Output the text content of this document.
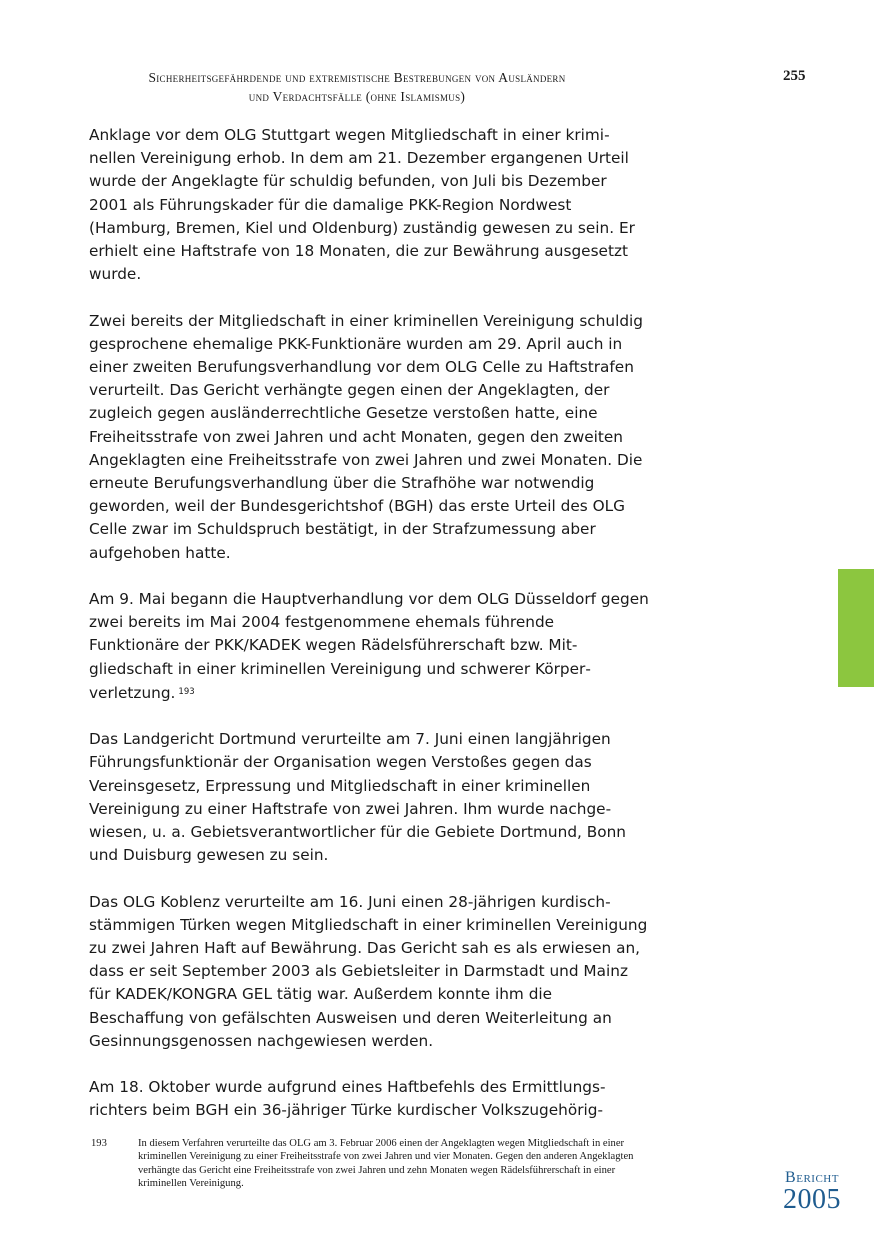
Sicherheitsgefährdende und extremistische Bestrebungen von Ausländern
und Verdachtsfälle (ohne Islamismus)
255

Anklage vor dem OLG Stuttgart wegen Mitgliedschaft in einer kriminellen Vereinigung erhob. In dem am 21. Dezember ergangenen Urteil wurde der Angeklagte für schuldig befunden, von Juli bis Dezember 2001 als Führungskader für die damalige PKK-Region Nordwest (Hamburg, Bremen, Kiel und Oldenburg) zuständig gewesen zu sein. Er erhielt eine Haftstrafe von 18 Monaten, die zur Bewährung ausgesetzt wurde.

Zwei bereits der Mitgliedschaft in einer kriminellen Vereinigung schuldig gesprochene ehemalige PKK-Funktionäre wurden am 29. April auch in einer zweiten Berufungsverhandlung vor dem OLG Celle zu Haftstrafen verurteilt. Das Gericht verhängte gegen einen der Angeklagten, der zugleich gegen ausländerrechtliche Gesetze verstoßen hatte, eine Freiheitsstrafe von zwei Jahren und acht Monaten, gegen den zweiten Angeklagten eine Freiheitsstrafe von zwei Jahren und zwei Monaten. Die erneute Berufungsverhandlung über die Strafhöhe war notwendig geworden, weil der Bundesgerichtshof (BGH) das erste Urteil des OLG Celle zwar im Schuldspruch bestätigt, in der Strafzumessung aber aufgehoben hatte.

Am 9. Mai begann die Hauptverhandlung vor dem OLG Düsseldorf gegen zwei bereits im Mai 2004 festgenommene ehemals führende Funktionäre der PKK/KADEK wegen Rädelsführerschaft bzw. Mitgliedschaft in einer kriminellen Vereinigung und schwerer Körperverletzung. $^{193}$

Das Landgericht Dortmund verurteilte am 7. Juni einen langjährigen Führungsfunktionär der Organisation wegen Verstoßes gegen das Vereinsgesetz, Erpressung und Mitgliedschaft in einer kriminellen Vereinigung zu einer Haftstrafe von zwei Jahren. Ihm wurde nachgewiesen, u. a. Gebietsverantwortlicher für die Gebiete Dortmund, Bonn und Duisburg gewesen zu sein.

Das OLG Koblenz verurteilte am 16. Juni einen 28-jährigen kurdischstämmigen Türken wegen Mitgliedschaft in einer kriminellen Vereinigung zu zwei Jahren Haft auf Bewährung. Das Gericht sah es als erwiesen an, dass er seit September 2003 als Gebietsleiter in Darmstadt und Mainz für KADEK/KONGRA GEL tätig war. Außerdem konnte ihm die Beschaffung von gefälschten Ausweisen und deren Weiterleitung an Gesinnungsgenossen nachgewiesen werden.

Am 18. Oktober wurde aufgrund eines Haftbefehls des Ermittlungsrichters beim BGH ein 36-jähriger Türke kurdischer Volkszugehörig-

193	In diesem Verfahren verurteilte das OLG am 3. Februar 2006 einen der Angeklagten wegen Mitgliedschaft in einer kriminellen Vereinigung zu einer Freiheitsstrafe von zwei Jahren und vier Monaten. Gegen den anderen Angeklagten verhängte das Gericht eine Freiheitsstrafe von zwei Jahren und zehn Monaten wegen Rädelsführerschaft in einer kriminellen Vereinigung.	Bericht
2005
